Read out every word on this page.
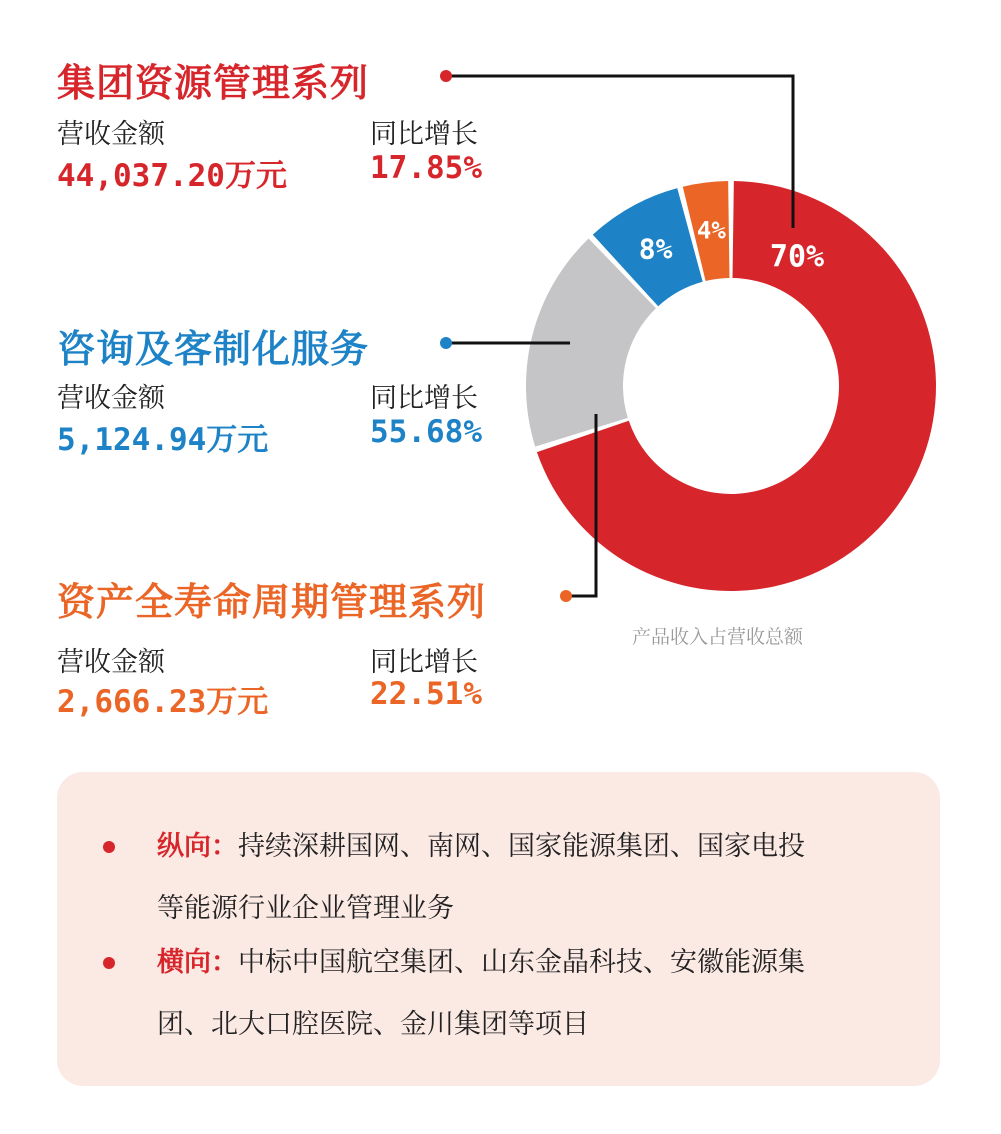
70%
8%
4%
集团资源管理系列
营收金额	同比增长
44,037.20万元	17.85%
咨询及客制化服务
营收金额	同比增长
5,124.94万元	55.68%
资产全寿命周期管理系列
营收金额	同比增长
2,666.23万元	22.51%
产品收入占营收总额
纵向：持续深耕国网、南网、国家能源集团、国家电投
等能源行业企业管理业务
横向：中标中国航空集团、山东金晶科技、安徽能源集
团、北大口腔医院、金川集团等项目
